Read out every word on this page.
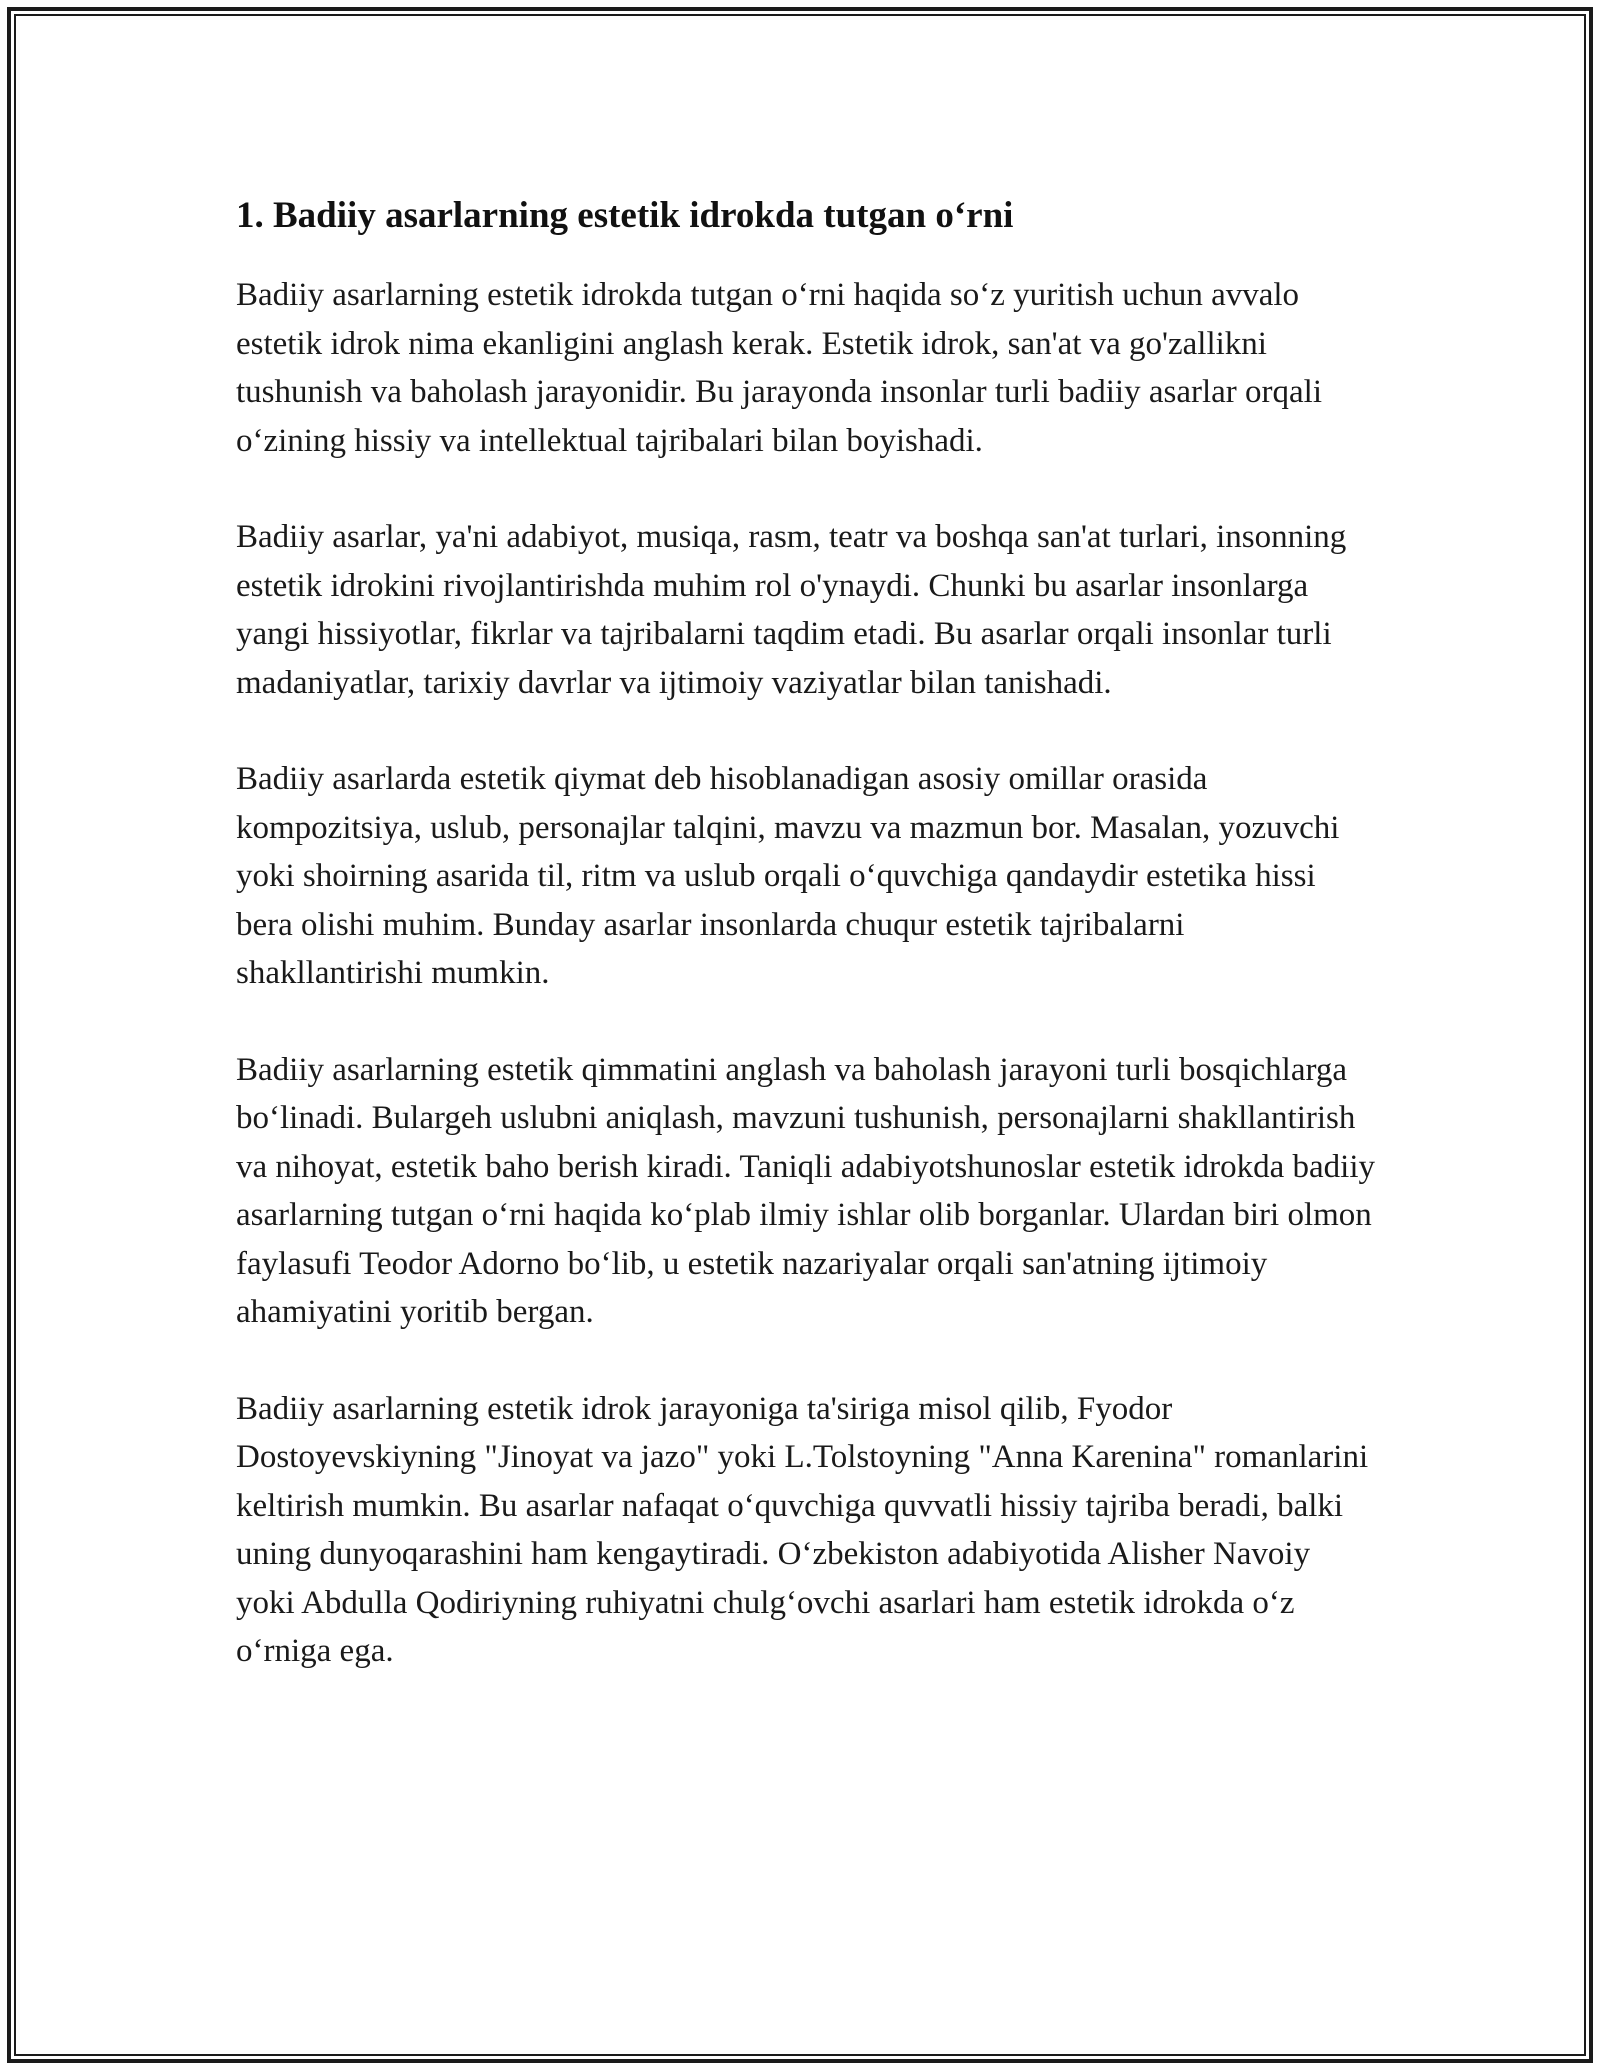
1. Badiiy asarlarning estetik idrokda tutgan oʻrni

Badiiy asarlarning estetik idrokda tutgan oʻrni haqida soʻz yuritish uchun avvalo estetik idrok nima ekanligini anglash kerak. Estetik idrok, san'at va go'zallikni tushunish va baholash jarayonidir. Bu jarayonda insonlar turli badiiy asarlar orqali oʻzining hissiy va intellektual tajribalari bilan boyishadi.

Badiiy asarlar, ya'ni adabiyot, musiqa, rasm, teatr va boshqa san'at turlari, insonning estetik idrokini rivojlantirishda muhim rol o'ynaydi. Chunki bu asarlar insonlarga yangi hissiyotlar, fikrlar va tajribalarni taqdim etadi. Bu asarlar orqali insonlar turli madaniyatlar, tarixiy davrlar va ijtimoiy vaziyatlar bilan tanishadi.

Badiiy asarlarda estetik qiymat deb hisoblanadigan asosiy omillar orasida kompozitsiya, uslub, personajlar talqini, mavzu va mazmun bor. Masalan, yozuvchi yoki shoirning asarida til, ritm va uslub orqali oʻquvchiga qandaydir estetika hissi bera olishi muhim. Bunday asarlar insonlarda chuqur estetik tajribalarni shakllantirishi mumkin.

Badiiy asarlarning estetik qimmatini anglash va baholash jarayoni turli bosqichlarga boʻlinadi. Bulargeh uslubni aniqlash, mavzuni tushunish, personajlarni shakllantirish va nihoyat, estetik baho berish kiradi. Taniqli adabiyotshunoslar estetik idrokda badiiy asarlarning tutgan oʻrni haqida koʻplab ilmiy ishlar olib borganlar. Ulardan biri olmon faylasufi Teodor Adorno boʻlib, u estetik nazariyalar orqali san'atning ijtimoiy ahamiyatini yoritib bergan.

Badiiy asarlarning estetik idrok jarayoniga ta'siriga misol qilib, Fyodor Dostoyevskiyning "Jinoyat va jazo" yoki L.Tolstoyning "Anna Karenina" romanlarini keltirish mumkin. Bu asarlar nafaqat oʻquvchiga quvvatli hissiy tajriba beradi, balki uning dunyoqarashini ham kengaytiradi. Oʻzbekiston adabiyotida Alisher Navoiy yoki Abdulla Qodiriyning ruhiyatni chulgʻovchi asarlari ham estetik idrokda oʻz oʻrniga ega.
